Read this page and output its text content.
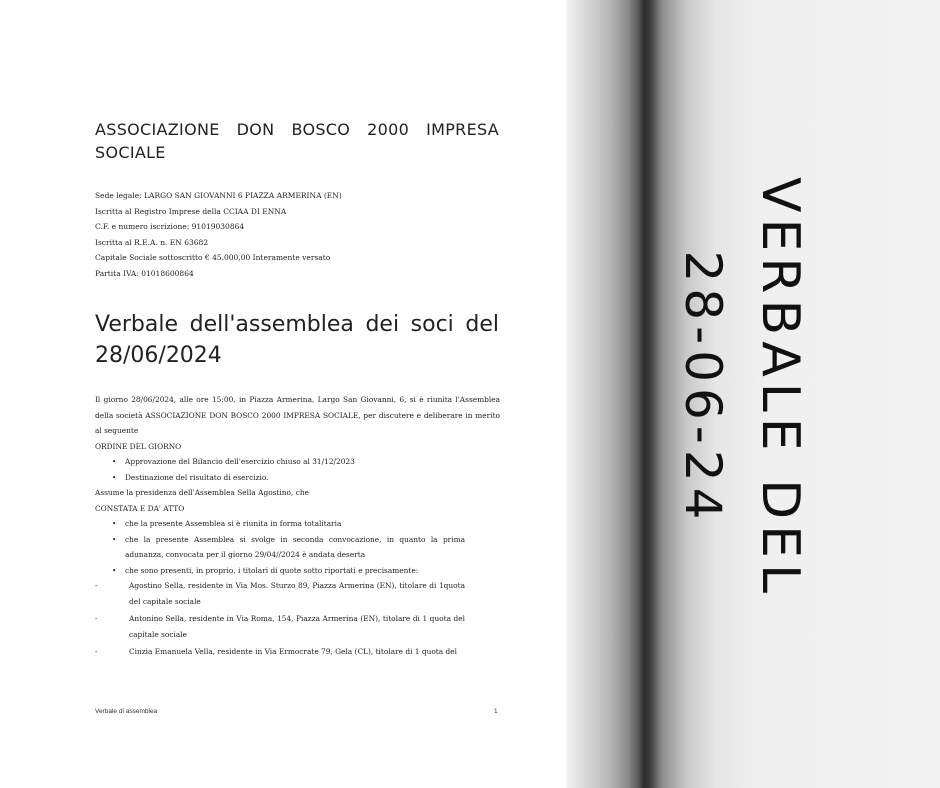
ASSOCIAZIONE DON BOSCO 2000 IMPRESA SOCIALE
Sede legale: LARGO SAN GIOVANNI 6 PIAZZA ARMERINA (EN)
Iscritta al Registro Imprese della CCIAA DI ENNA
C.F. e numero iscrizione: 91019030864
Iscritta al R.E.A. n. EN 63682
Capitale Sociale sottoscritto € 45.000,00 Interamente versato
Partita IVA: 01018600864
Verbale dell'assemblea dei soci del 28/06/2024

Il giorno 28/06/2024, alle ore 15:00, in Piazza Armerina, Largo San Giovanni, 6, si è riunita l'Assemblea della società ASSOCIAZIONE DON BOSCO 2000 IMPRESA SOCIALE, per discutere e deliberare in merito al seguente

ORDINE DEL GIORNO

• Approvazione del Bilancio dell'esercizio chiuso al 31/12/2023

• Destinazione del risultato di esercizio.

Assume la presidenza dell'Assemblea Sella Agostino, che

CONSTATA E DA' ATTO

• che la presente Assemblea si è riunita in forma totalitaria

• che la presente Assemblea si svolge in seconda convocazione, in quanto la prima adunanza, convocata per il giorno 29/04//2024 è andata deserta

• che sono presenti, in proprio, i titolari di quote sotto riportati e precisamente:

-	Agostino Sella, residente in Via Mos. Sturzo 89, Piazza Armerina (EN), titolare di 1quota del capitale sociale

-	Antonino Sella, residente in Via Roma, 154, Piazza Armerina (EN), titolare di 1 quota del capitale sociale

-	Cinzia Emanuela Vella, residente in Via Ermocrate 79, Gela (CL), titolare di 1 quota del

Verbale di assemblea	1
VERBALE DEL
28-06-24
